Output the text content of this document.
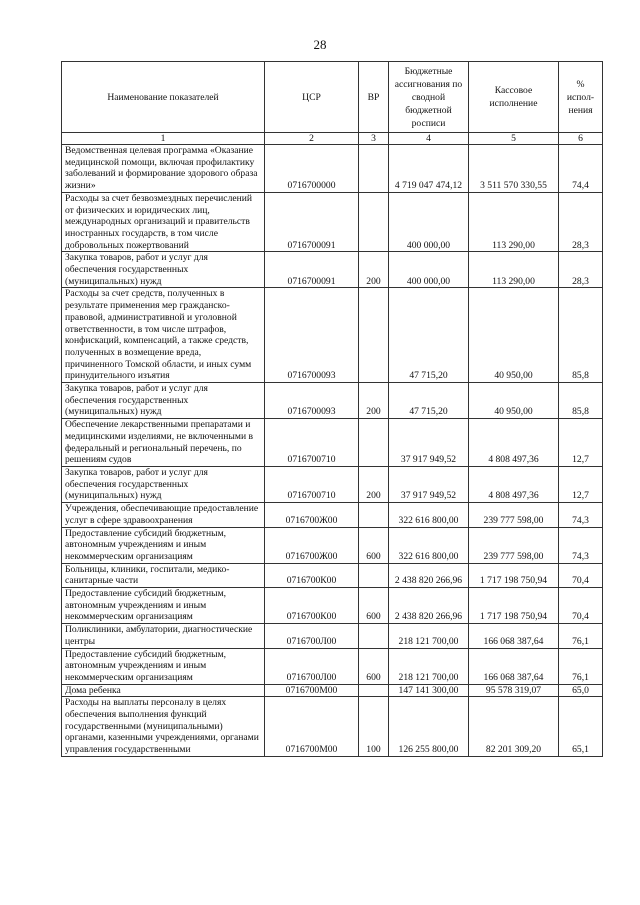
28
Наименование показателей	ЦСР	ВР	Бюджетные ассигнования по сводной бюджетной росписи	Кассовое исполнение	% испол-нения
1	2	3	4	5	6
Ведомственная целевая программа «Оказание медицинской помощи, включая профилактику заболеваний и формирование здорового образа жизни»	0716700000		4 719 047 474,12	3 511 570 330,55	74,4
Расходы за счет безвозмездных перечислений от физических и юридических лиц, международных организаций и правительств иностранных государств, в том числе добровольных пожертвований	0716700091		400 000,00	113 290,00	28,3
Закупка товаров, работ и услуг для обеспечения государственных (муниципальных) нужд	0716700091	200	400 000,00	113 290,00	28,3
Расходы за счет средств, полученных в результате применения мер гражданско-правовой, административной и уголовной ответственности, в том числе штрафов, конфискаций, компенсаций, а также средств, полученных в возмещение вреда, причиненного Томской области, и иных сумм принудительного изъятия	0716700093		47 715,20	40 950,00	85,8
Закупка товаров, работ и услуг для обеспечения государственных (муниципальных) нужд	0716700093	200	47 715,20	40 950,00	85,8
Обеспечение лекарственными препаратами и медицинскими изделиями, не включенными в федеральный и региональный перечень, по решениям судов	0716700710		37 917 949,52	4 808 497,36	12,7
Закупка товаров, работ и услуг для обеспечения государственных (муниципальных) нужд	0716700710	200	37 917 949,52	4 808 497,36	12,7
Учреждения, обеспечивающие предоставление услуг в сфере здравоохранения	0716700Ж00		322 616 800,00	239 777 598,00	74,3
Предоставление субсидий бюджетным, автономным учреждениям и иным некоммерческим организациям	0716700Ж00	600	322 616 800,00	239 777 598,00	74,3
Больницы, клиники, госпитали, медико-санитарные части	0716700К00		2 438 820 266,96	1 717 198 750,94	70,4
Предоставление субсидий бюджетным, автономным учреждениям и иным некоммерческим организациям	0716700К00	600	2 438 820 266,96	1 717 198 750,94	70,4
Поликлиники, амбулатории, диагностические центры	0716700Л00		218 121 700,00	166 068 387,64	76,1
Предоставление субсидий бюджетным, автономным учреждениям и иным некоммерческим организациям	0716700Л00	600	218 121 700,00	166 068 387,64	76,1
Дома ребенка	0716700М00		147 141 300,00	95 578 319,07	65,0
Расходы на выплаты персоналу в целях обеспечения выполнения функций государственными (муниципальными) органами, казенными учреждениями, органами управления государственными	0716700М00	100	126 255 800,00	82 201 309,20	65,1
